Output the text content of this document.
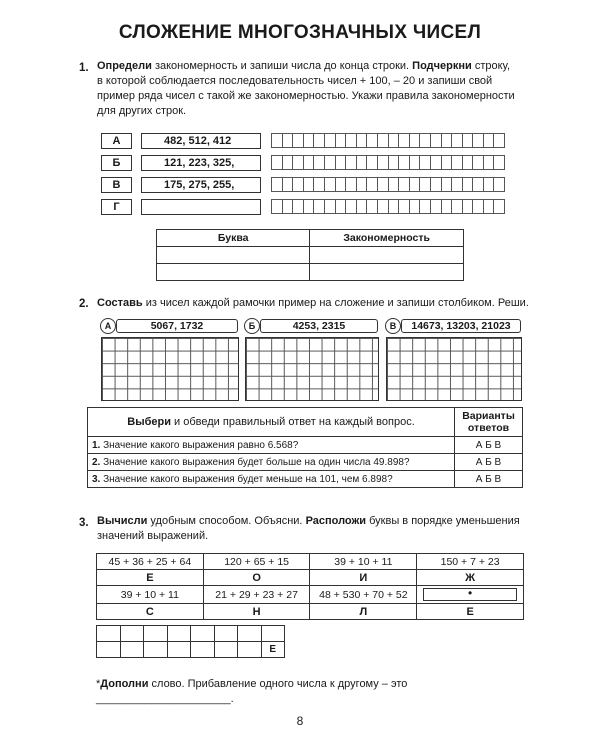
СЛОЖЕНИЕ МНОГОЗНАЧНЫХ ЧИСЕЛ
1. Определи закономерность и запиши числа до конца строки. Подчеркни строку,
в которой соблюдается последовательность чисел + 100, – 20 и запиши свой
пример ряда чисел с такой же закономерностью. Укажи правила закономерности
для других строк.
А	482, 512, 412
Б	121, 223, 325,
В	175, 275, 255,
Г
Буква	Закономерность

2. Составь из чисел каждой рамочки пример на сложение и запиши столбиком. Реши.
А	5067, 1732	Б	4253, 2315	В	14673, 13203, 21023
Выбери и обведи правильный ответ на каждый вопрос.	Варианты ответов
1. Значение какого выражения равно 6.568?	А Б В
2. Значение какого выражения будет больше на один числа 49.898?	А Б В
3. Значение какого выражения будет меньше на 101, чем 6.898?	А Б В
3. Вычисли удобным способом. Объясни. Расположи буквы в порядке уменьшения
значений выражений.
45 + 36 + 25 + 64	120 + 65 + 15	39 + 10 + 11	150 + 7 + 23
Е	О	И	Ж
39 + 10 + 11	21 + 29 + 23 + 27	48 + 530 + 70 + 52	•

С	Н	Л	Е

							Е
*Дополни слово. Прибавление одного числа к другому – это ______________________.
8
